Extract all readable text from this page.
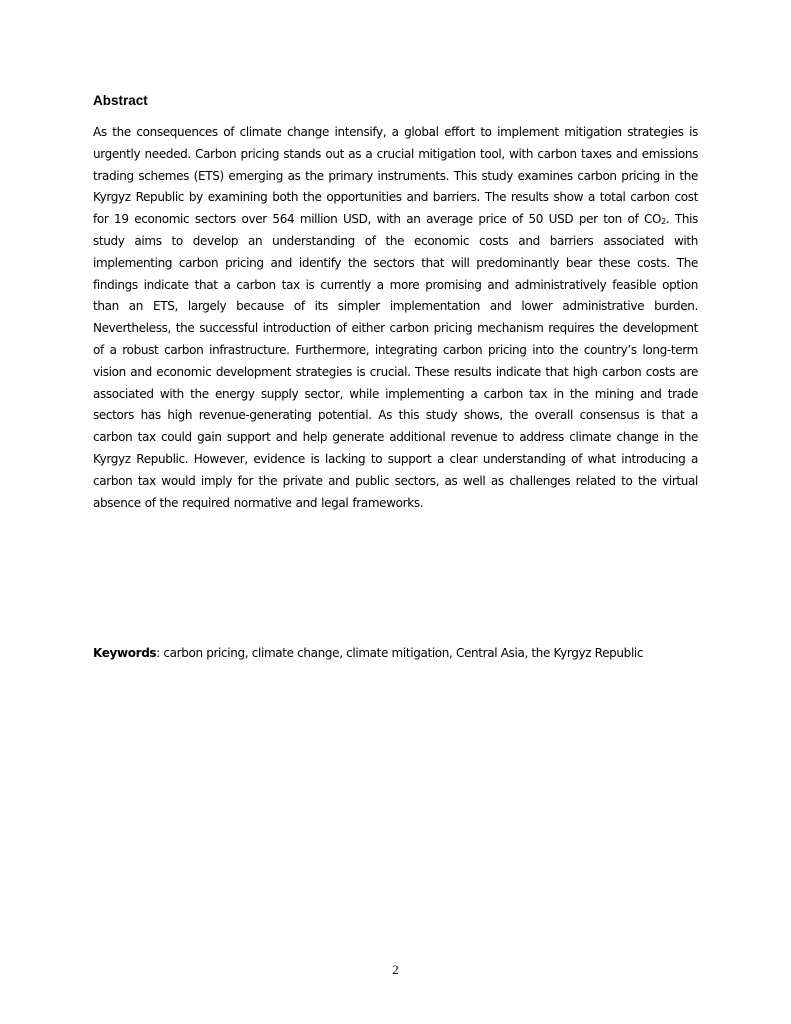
Abstract

As the consequences of climate change intensify, a global effort to implement mitigation strategies is urgently needed. Carbon pricing stands out as a crucial mitigation tool, with carbon taxes and emissions trading schemes (ETS) emerging as the primary instruments. This study examines carbon pricing in the Kyrgyz Republic by examining both the opportunities and barriers. The results show a total carbon cost for 19 economic sectors over 564 million USD, with an average price of 50 USD per ton of $CO_2$. This study aims to develop an understanding of the economic costs and barriers associated with implementing carbon pricing and identify the sectors that will predominantly bear these costs. The findings indicate that a carbon tax is currently a more promising and administratively feasible option than an ETS, largely because of its simpler implementation and lower administrative burden. Nevertheless, the successful introduction of either carbon pricing mechanism requires the development of a robust carbon infrastructure. Furthermore, integrating carbon pricing into the country’s long-term vision and economic development strategies is crucial. These results indicate that high carbon costs are associated with the energy supply sector, while implementing a carbon tax in the mining and trade sectors has high revenue-generating potential. As this study shows, the overall consensus is that a carbon tax could gain support and help generate additional revenue to address climate change in the Kyrgyz Republic. However, evidence is lacking to support a clear understanding of what introducing a carbon tax would imply for the private and public sectors, as well as challenges related to the virtual absence of the required normative and legal frameworks.

Keywords: carbon pricing, climate change, climate mitigation, Central Asia, the Kyrgyz Republic

2
